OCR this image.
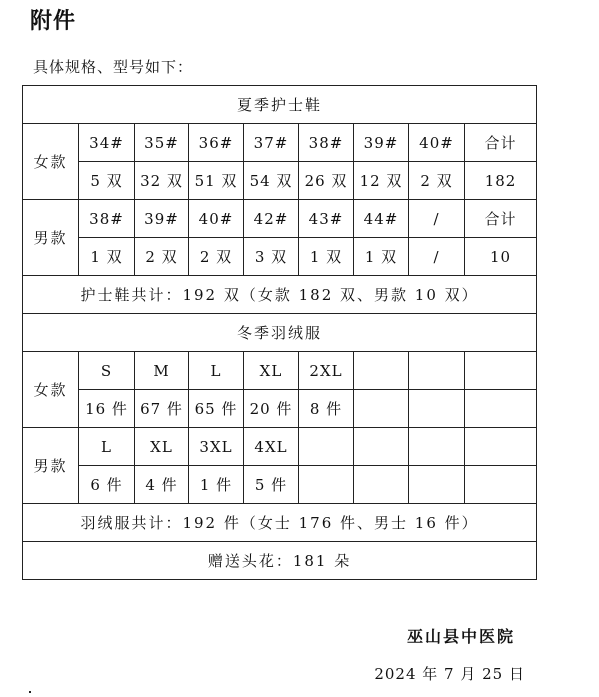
附件
具体规格、型号如下：
夏季护士鞋								
女款	34#	35#	36#	37#	38#	39#	40#	合计
	5 双	32 双	51 双	54 双	26 双	12 双	2 双	182
男款	38#	39#	40#	42#	43#	44#	/	合计
	1 双	2 双	2 双	3 双	1 双	1 双	/	10
护士鞋共计：192 双（女款 182 双、男款 10 双）								
冬季羽绒服								
女款	S	M	L	XL	2XL			
	16 件	67 件	65 件	20 件	8 件			
男款	L	XL	3XL	4XL				
	6 件	4 件	1 件	5 件				
羽绒服共计：192 件（女士 176 件、男士 16 件）								
赠送头花：181 朵								
巫山县中医院
2024 年 7 月 25 日
